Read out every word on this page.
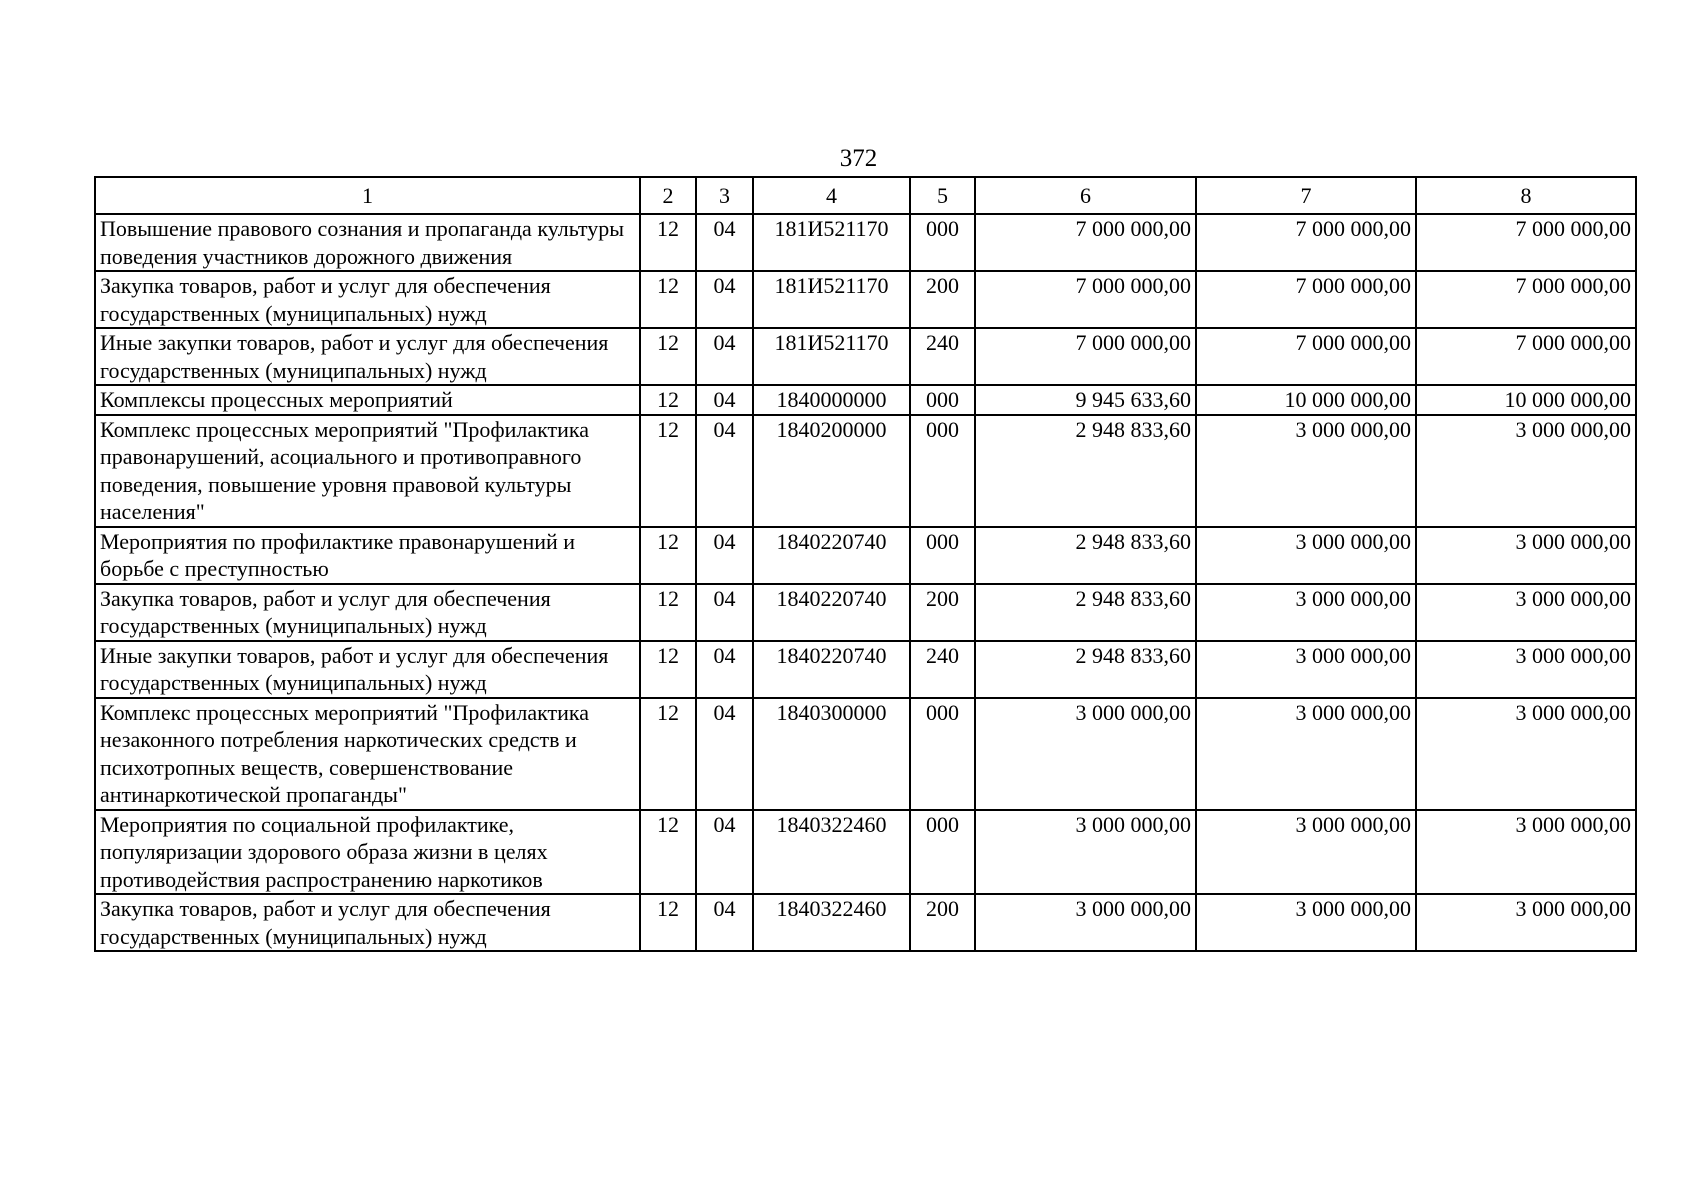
372
1	2	3	4	5	6	7	8
Повышение правового сознания и пропаганда культуры поведения участников дорожного движения	12	04	181И521170	000	7 000 000,00	7 000 000,00	7 000 000,00
Закупка товаров, работ и услуг для обеспечения государственных (муниципальных) нужд	12	04	181И521170	200	7 000 000,00	7 000 000,00	7 000 000,00
Иные закупки товаров, работ и услуг для обеспечения государственных (муниципальных) нужд	12	04	181И521170	240	7 000 000,00	7 000 000,00	7 000 000,00
Комплексы процессных мероприятий	12	04	1840000000	000	9 945 633,60	10 000 000,00	10 000 000,00
Комплекс процессных мероприятий "Профилактика правонарушений, асоциального и противоправного поведения, повышение уровня правовой культуры населения"	12	04	1840200000	000	2 948 833,60	3 000 000,00	3 000 000,00
Мероприятия по профилактике правонарушений и борьбе с преступностью	12	04	1840220740	000	2 948 833,60	3 000 000,00	3 000 000,00
Закупка товаров, работ и услуг для обеспечения государственных (муниципальных) нужд	12	04	1840220740	200	2 948 833,60	3 000 000,00	3 000 000,00
Иные закупки товаров, работ и услуг для обеспечения государственных (муниципальных) нужд	12	04	1840220740	240	2 948 833,60	3 000 000,00	3 000 000,00
Комплекс процессных мероприятий "Профилактика незаконного потребления наркотических средств и психотропных веществ, совершенствование антинаркотической пропаганды"	12	04	1840300000	000	3 000 000,00	3 000 000,00	3 000 000,00
Мероприятия по социальной профилактике, популяризации здорового образа жизни в целях противодействия распространению наркотиков	12	04	1840322460	000	3 000 000,00	3 000 000,00	3 000 000,00
Закупка товаров, работ и услуг для обеспечения государственных (муниципальных) нужд	12	04	1840322460	200	3 000 000,00	3 000 000,00	3 000 000,00
